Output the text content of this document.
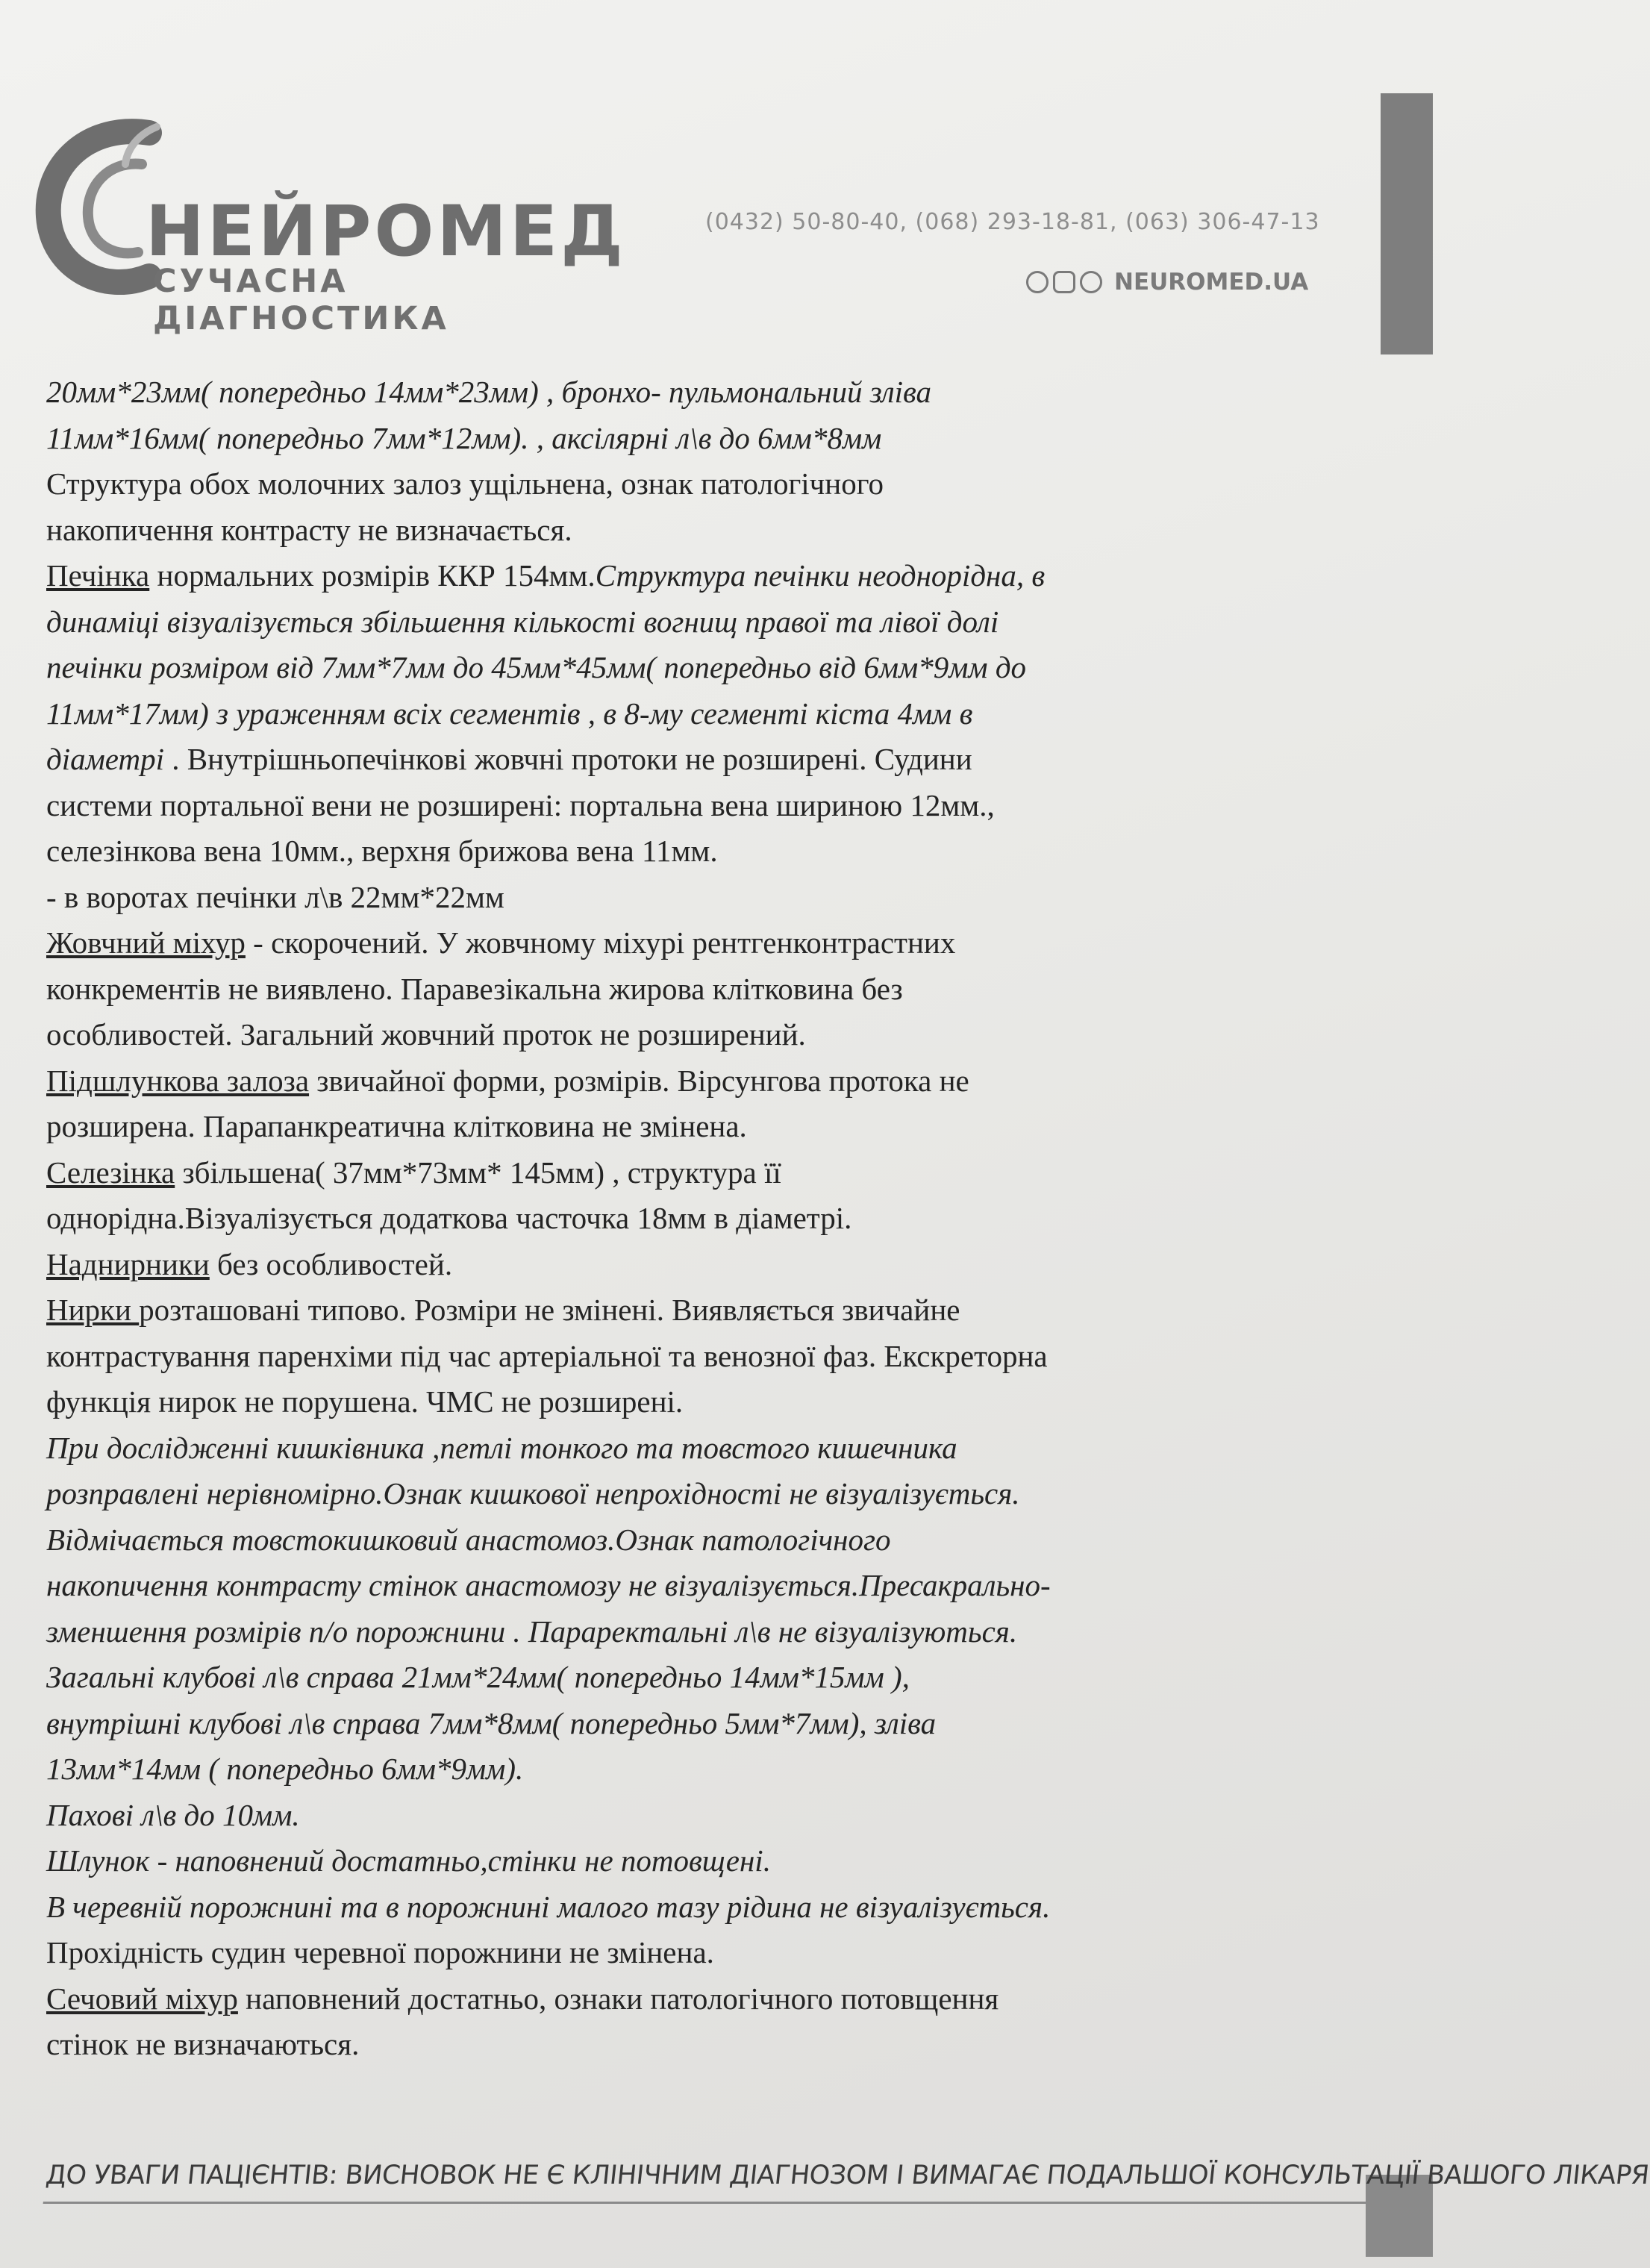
НЕЙРОМЕД
СУЧАСНА ДІАГНОСТИКА
(0432) 50-80-40, (068) 293-18-81, (063) 306-47-13
NEUROMED.UA
20мм*23мм( попередньо 14мм*23мм) , бронхо- пульмональний зліва
11мм*16мм( попередньо 7мм*12мм). , аксілярні л\в до 6мм*8мм
Структура обох молочних залоз ущільнена, ознак патологічного
накопичення контрасту не визначається.
Печінка нормальних розмірів ККР 154мм.Структура печінки неоднорідна, в
динаміці візуалізується збільшення кількості вогнищ правої та лівої долі
печінки розміром від 7мм*7мм до 45мм*45мм( попередньо від 6мм*9мм до
11мм*17мм) з ураженням всіх сегментів , в 8-му сегменті кіста 4мм в
діаметрі . Внутрішньопечінкові жовчні протоки не розширені. Судини
системи портальної вени не розширені: портальна вена шириною 12мм.,
селезінкова вена 10мм., верхня брижова вена 11мм.
- в воротах печінки л\в 22мм*22мм
Жовчний міхур - скорочений. У жовчному міхурі рентгенконтрастних
конкрементів не виявлено. Паравезікальна жирова клітковина без
особливостей. Загальний жовчний проток не розширений.
Підшлункова залоза звичайної форми, розмірів. Вірсунгова протока не
розширена. Парапанкреатична клітковина не змінена.
Селезінка збільшена( 37мм*73мм* 145мм) , структура її
однорідна.Візуалізується додаткова часточка 18мм в діаметрі.
Наднирники без особливостей.
Нирки розташовані типово. Розміри не змінені. Виявляється звичайне
контрастування паренхіми під час артеріальної та венозної фаз. Екскреторна
функція нирок не порушена. ЧМС не розширені.
При дослідженні кишківника ,петлі тонкого та товстого кишечника
розправлені нерівномірно.Ознак кишкової непрохідності не візуалізується.
Відмічається товстокишковий анастомоз.Ознак патологічного
накопичення контрасту стінок анастомозу не візуалізується.Пресакрально-
зменшення розмірів п/о порожнини . Параректальні л\в не візуалізуються.
Загальні клубові л\в справа 21мм*24мм( попередньо 14мм*15мм ),
внутрішні клубові л\в справа 7мм*8мм( попередньо 5мм*7мм), зліва
13мм*14мм ( попередньо 6мм*9мм).
Пахові л\в до 10мм.
Шлунок - наповнений достатньо,стінки не потовщені.
В черевній порожнині та в порожнині малого тазу рідина не візуалізується.
Прохідність судин черевної порожнини не змінена.
Сечовий міхур наповнений достатньо, ознаки патологічного потовщення
стінок не визначаються.
ДО УВАГИ ПАЦІЄНТІВ: ВИСНОВОК НЕ Є КЛІНІЧНИМ ДІАГНОЗОМ І ВИМАГАЄ ПОДАЛЬШОЇ КОНСУЛЬТАЦІЇ ВАШОГО ЛІКАРЯ
